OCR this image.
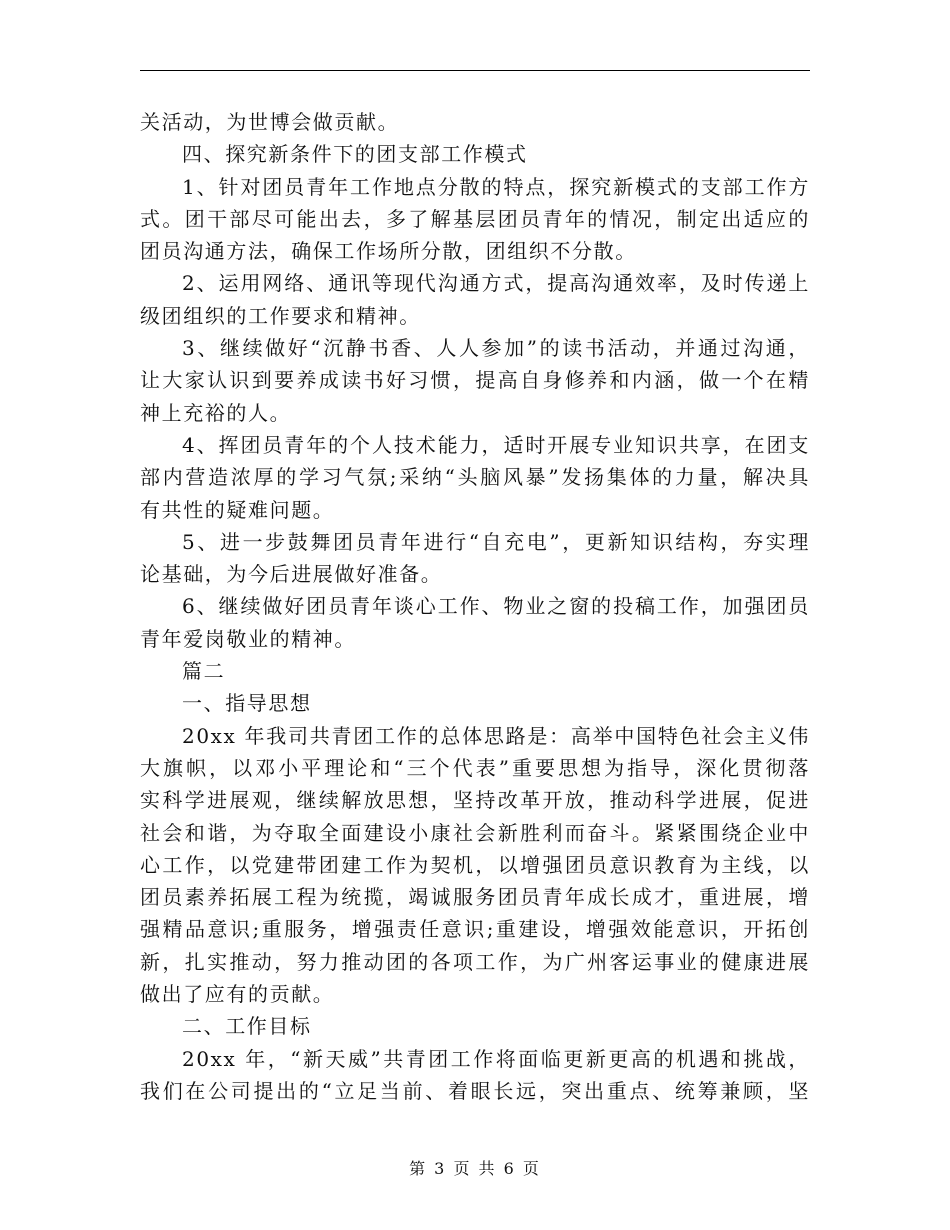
关活动，为世博会做贡献。
四、探究新条件下的团支部工作模式
1、针对团员青年工作地点分散的特点，探究新模式的支部工作方
式。团干部尽可能出去，多了解基层团员青年的情况，制定出适应的
团员沟通方法，确保工作场所分散，团组织不分散。
2、运用网络、通讯等现代沟通方式，提高沟通效率，及时传递上
级团组织的工作要求和精神。
3、继续做好“沉静书香、人人参加”的读书活动，并通过沟通，
让大家认识到要养成读书好习惯，提高自身修养和内涵，做一个在精
神上充裕的人。
4、挥团员青年的个人技术能力，适时开展专业知识共享，在团支
部内营造浓厚的学习气氛;采纳“头脑风暴”发扬集体的力量，解决具
有共性的疑难问题。
5、进一步鼓舞团员青年进行“自充电”，更新知识结构，夯实理
论基础，为今后进展做好准备。
6、继续做好团员青年谈心工作、物业之窗的投稿工作，加强团员
青年爱岗敬业的精神。
篇二
一、指导思想
20xx 年我司共青团工作的总体思路是：高举中国特色社会主义伟
大旗帜，以邓小平理论和“三个代表”重要思想为指导，深化贯彻落
实科学进展观，继续解放思想，坚持改革开放，推动科学进展，促进
社会和谐，为夺取全面建设小康社会新胜利而奋斗。紧紧围绕企业中
心工作，以党建带团建工作为契机，以增强团员意识教育为主线，以
团员素养拓展工程为统揽，竭诚服务团员青年成长成才，重进展，增
强精品意识;重服务，增强责任意识;重建设，增强效能意识，开拓创
新，扎实推动，努力推动团的各项工作，为广州客运事业的健康进展
做出了应有的贡献。
二、工作目标
20xx 年，“新天威”共青团工作将面临更新更高的机遇和挑战，
我们在公司提出的“立足当前、着眼长远，突出重点、统筹兼顾，坚
第 3 页 共 6 页
